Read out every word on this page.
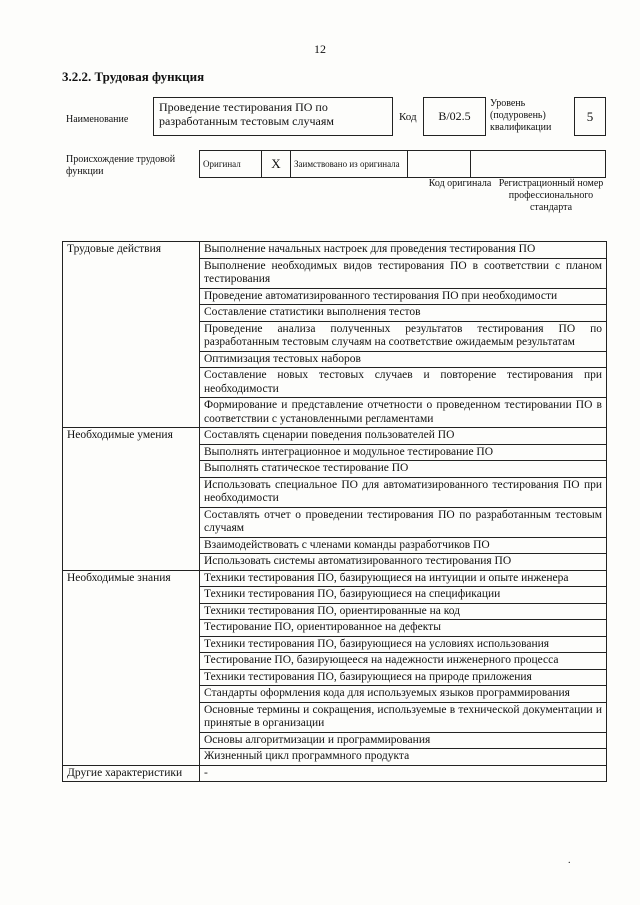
12
3.2.2. Трудовая функция
Наименование
Проведение тестирования ПО по разработанным тестовым случаям	Код	B/02.5
Уровень (подуровень) квалификации
5
Происхождение трудовой функции
Оригинал	X	Заимствовано из оригинала		
Код оригинала Регистрационный номер профессионального стандарта
Трудовые действия	Выполнение начальных настроек для проведения тестирования ПО
	Выполнение необходимых видов тестирования ПО в соответствии с планом тестирования
	Проведение автоматизированного тестирования ПО при необходимости
	Составление статистики выполнения тестов
	Проведение анализа полученных результатов тестирования ПО по разработанным тестовым случаям на соответствие ожидаемым результатам
	Оптимизация тестовых наборов
	Составление новых тестовых случаев и повторение тестирования при необходимости
	Формирование и представление отчетности о проведенном тестировании ПО в соответствии с установленными регламентами
Необходимые умения	Составлять сценарии поведения пользователей ПО
	Выполнять интеграционное и модульное тестирование ПО
	Выполнять статическое тестирование ПО
	Использовать специальное ПО для автоматизированного тестирования ПО при необходимости
	Составлять отчет о проведении тестирования ПО по разработанным тестовым случаям
	Взаимодействовать с членами команды разработчиков ПО
	Использовать системы автоматизированного тестирования ПО
Необходимые знания	Техники тестирования ПО, базирующиеся на интуиции и опыте инженера
	Техники тестирования ПО, базирующиеся на спецификации
	Техники тестирования ПО, ориентированные на код
	Тестирование ПО, ориентированное на дефекты
	Техники тестирования ПО, базирующиеся на условиях использования
	Тестирование ПО, базирующееся на надежности инженерного процесса
	Техники тестирования ПО, базирующиеся на природе приложения
	Стандарты оформления кода для используемых языков программирования
	Основные термины и сокращения, используемые в технической документации и принятые в организации
	Основы алгоритмизации и программирования
	Жизненный цикл программного продукта
Другие характеристики	-
.
